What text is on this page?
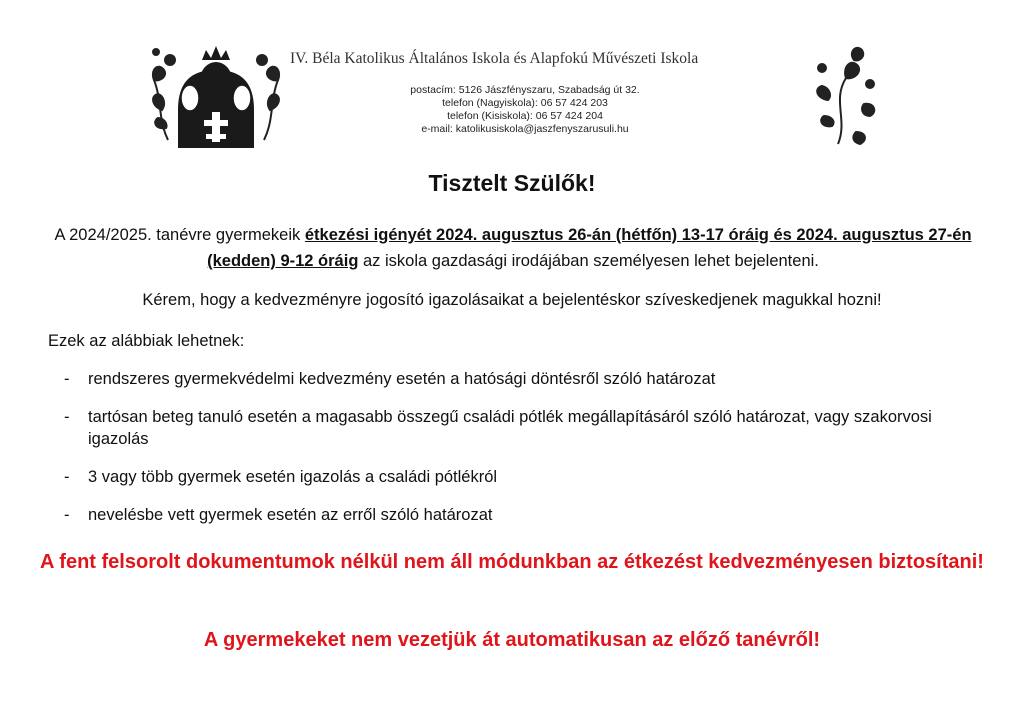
IV. Béla Katolikus Általános Iskola és Alapfokú Művészeti Iskola
postacím: 5126 Jászfényszaru, Szabadság út 32.
telefon (Nagyiskola): 06 57 424 203
telefon (Kisiskola): 06 57 424 204
e-mail: katolikusiskola@jaszfenyszarusuli.hu
Tisztelt Szülők!
A 2024/2025. tanévre gyermekeik étkezési igényét 2024. augusztus 26-án (hétfőn) 13-17 óráig és 2024. augusztus 27-én (kedden) 9-12 óráig az iskola gazdasági irodájában személyesen lehet bejelenteni.
Kérem, hogy a kedvezményre jogosító igazolásaikat a bejelentéskor szíveskedjenek magukkal hozni!
Ezek az alábbiak lehetnek:
- rendszeres gyermekvédelmi kedvezmény esetén a hatósági döntésről szóló határozat
- tartósan beteg tanuló esetén a magasabb összegű családi pótlék megállapításáról szóló határozat, vagy szakorvosi igazolás
- 3 vagy több gyermek esetén igazolás a családi pótlékról
- nevelésbe vett gyermek esetén az erről szóló határozat
A fent felsorolt dokumentumok nélkül nem áll módunkban az étkezést kedvezményesen biztosítani!
A gyermekeket nem vezetjük át automatikusan az előző tanévről!
